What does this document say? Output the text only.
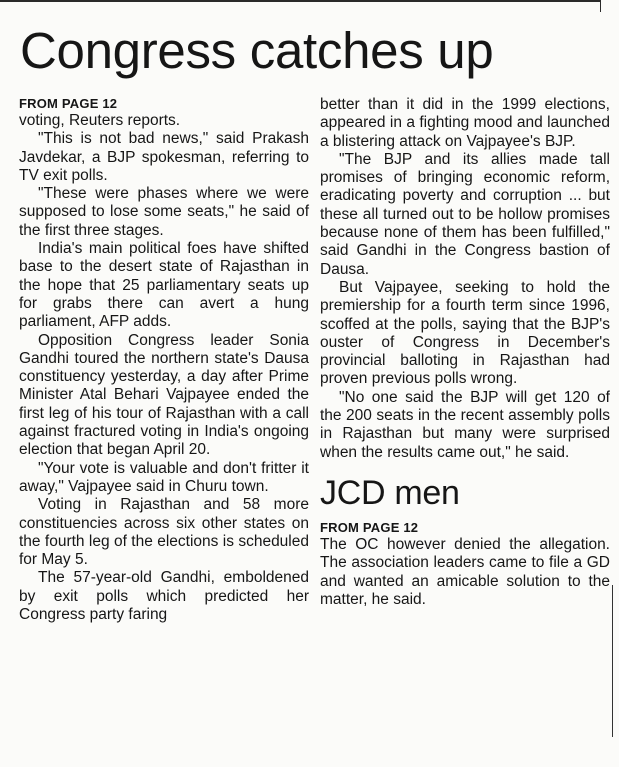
Congress catches up
FROM PAGE 12

voting, Reuters reports.

"This is not bad news," said Prakash Javdekar, a BJP spokesman, referring to TV exit polls.

"These were phases where we were supposed to lose some seats," he said of the first three stages.

India's main political foes have shifted base to the desert state of Rajasthan in the hope that 25 parliamentary seats up for grabs there can avert a hung parliament, AFP adds.

Opposition Congress leader Sonia Gandhi toured the northern state's Dausa constituency yesterday, a day after Prime Minister Atal Behari Vajpayee ended the first leg of his tour of Rajasthan with a call against fractured voting in India's ongoing election that began April 20.

"Your vote is valuable and don't fritter it away," Vajpayee said in Churu town.

Voting in Rajasthan and 58 more constituencies across six other states on the fourth leg of the elections is scheduled for May 5.

The 57-year-old Gandhi, emboldened by exit polls which predicted her Congress party faring

better than it did in the 1999 elections, appeared in a fighting mood and launched a blistering attack on Vajpayee's BJP.

"The BJP and its allies made tall promises of bringing economic reform, eradicating poverty and corruption ... but these all turned out to be hollow promises because none of them has been fulfilled," said Gandhi in the Congress bastion of Dausa.

But Vajpayee, seeking to hold the premiership for a fourth term since 1996, scoffed at the polls, saying that the BJP's ouster of Congress in December's provincial balloting in Rajasthan had proven previous polls wrong.

"No one said the BJP will get 120 of the 200 seats in the recent assembly polls in Rajasthan but many were surprised when the results came out," he said.

JCD men
FROM PAGE 12

The OC however denied the allegation. The association leaders came to file a GD and wanted an amicable solution to the matter, he said.
